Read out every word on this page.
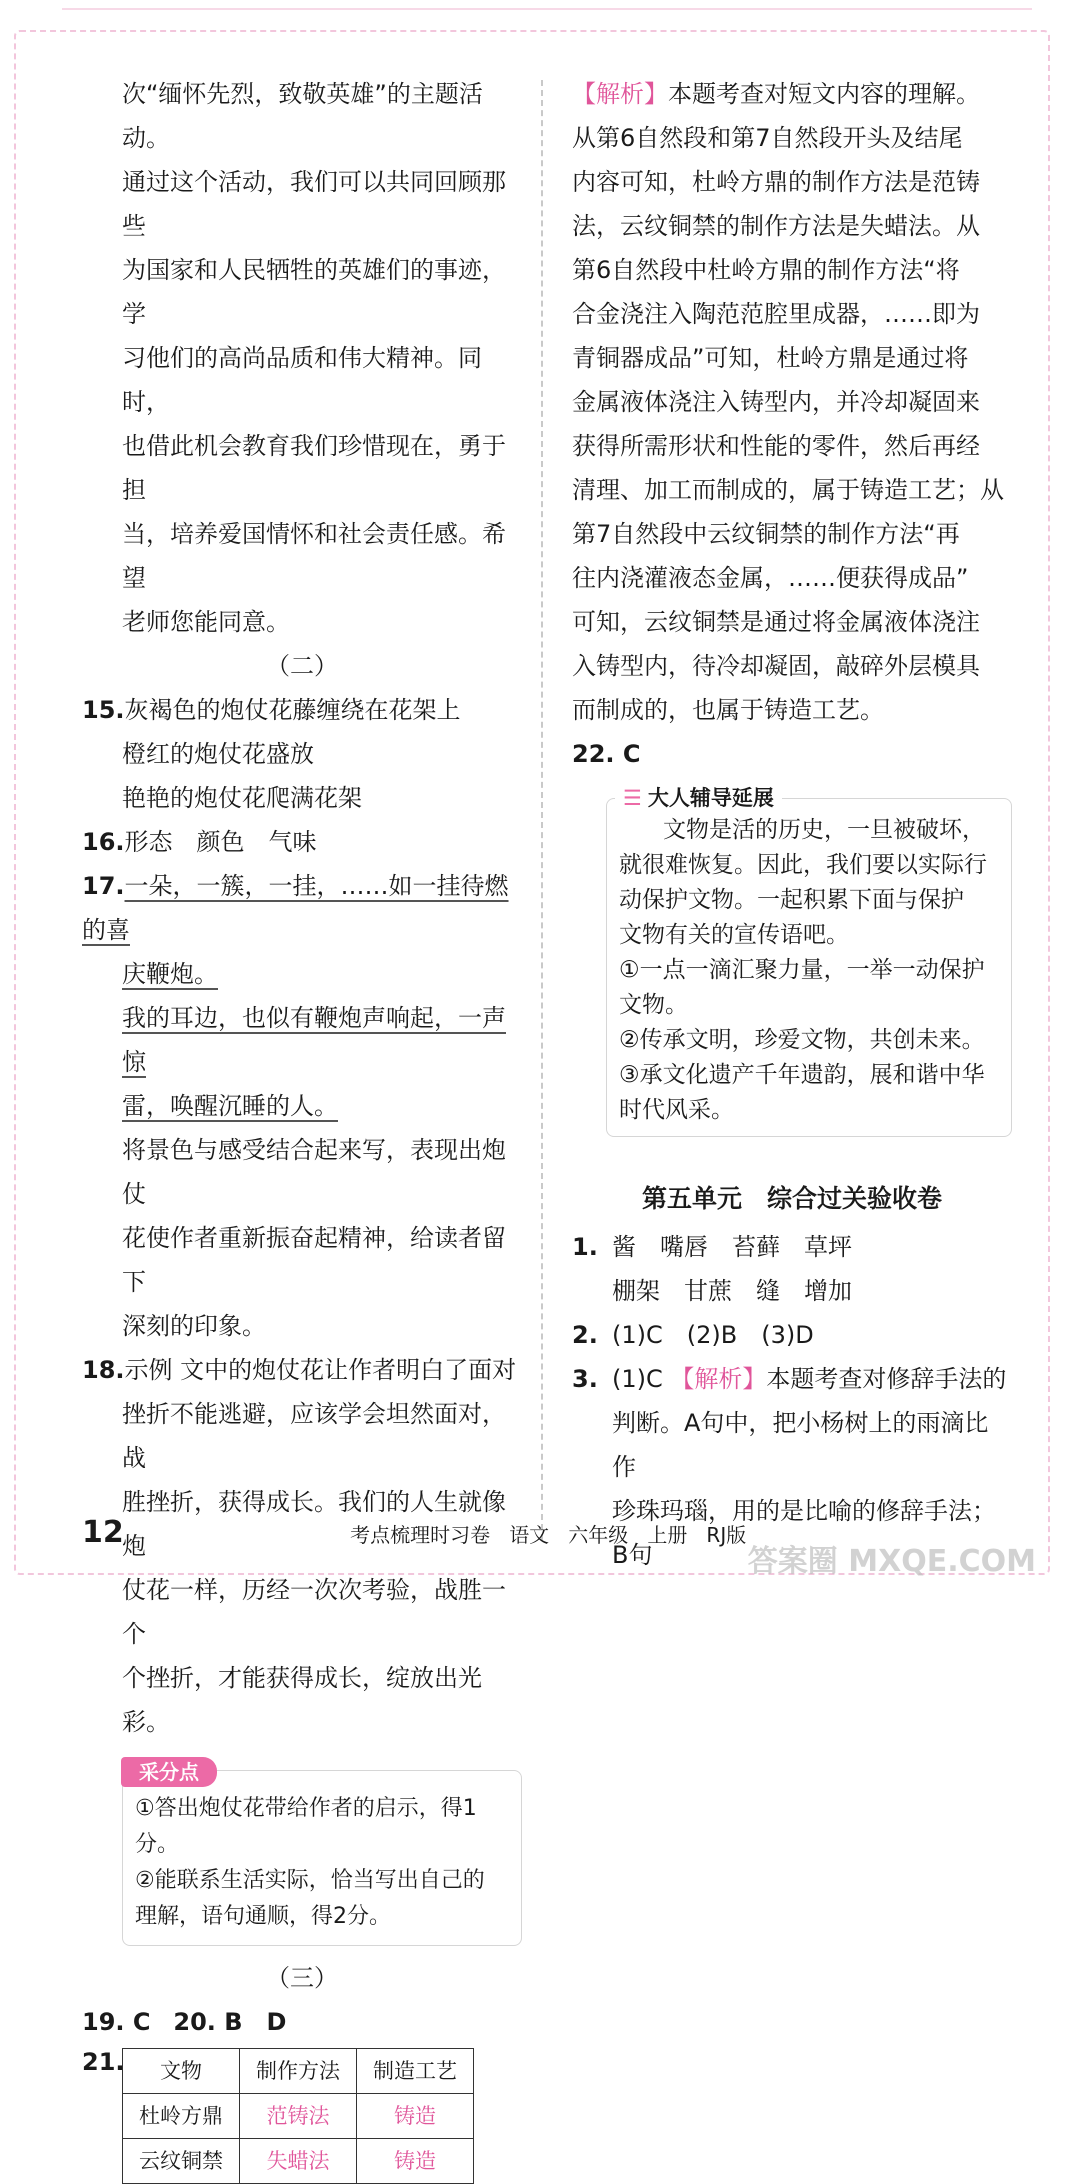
次“缅怀先烈，致敬英雄”的主题活动。

通过这个活动，我们可以共同回顾那些

为国家和人民牺牲的英雄们的事迹，学

习他们的高尚品质和伟大精神。同时，

也借此机会教育我们珍惜现在，勇于担

当，培养爱国情怀和社会责任感。希望

老师您能同意。

（二）

15.灰褐色的炮仗花藤缠绕在花架上

橙红的炮仗花盛放

艳艳的炮仗花爬满花架

16.形态　颜色　气味

17.一朵，一簇，一挂，……如一挂待燃的喜

庆鞭炮。

我的耳边，也似有鞭炮声响起，一声惊

雷，唤醒沉睡的人。

将景色与感受结合起来写，表现出炮仗

花使作者重新振奋起精神，给读者留下

深刻的印象。

18.示例 文中的炮仗花让作者明白了面对

挫折不能逃避，应该学会坦然面对，战

胜挫折，获得成长。我们的人生就像炮

仗花一样，历经一次次考验，战胜一个

个挫折，才能获得成长，绽放出光彩。

采分点

①答出炮仗花带给作者的启示，得1分。

②能联系生活实际，恰当写出自己的

理解，语句通顺，得2分。

（三）

19. C 20. B　D

21. 文物	制作方法	制造工艺
杜岭方鼎	范铸法	铸造
云纹铜禁	失蜡法	铸造

【解析】本题考查对短文内容的理解。

从第6自然段和第7自然段开头及结尾

内容可知，杜岭方鼎的制作方法是范铸

法，云纹铜禁的制作方法是失蜡法。从

第6自然段中杜岭方鼎的制作方法“将

合金浇注入陶范范腔里成器，……即为

青铜器成品”可知，杜岭方鼎是通过将

金属液体浇注入铸型内，并冷却凝固来

获得所需形状和性能的零件，然后再经

清理、加工而制成的，属于铸造工艺；从

第7自然段中云纹铜禁的制作方法“再

往内浇灌液态金属，……便获得成品”

可知，云纹铜禁是通过将金属液体浇注

入铸型内，待冷却凝固，敲碎外层模具

而制成的，也属于铸造工艺。

22. C

☰ 大人辅导延展

文物是活的历史，一旦被破坏，

就很难恢复。因此，我们要以实际行

动保护文物。一起积累下面与保护

文物有关的宣传语吧。

①一点一滴汇聚力量，一举一动保护

文物。

②传承文明，珍爱文物，共创未来。

③承文化遗产千年遗韵，展和谐中华

时代风采。

第五单元　综合过关验收卷

1. 酱　嘴唇　苔藓　草坪

棚架　甘蔗　缝　增加

2. (1)C　(2)B　(3)D

3. (1)C 【解析】本题考查对修辞手法的

判断。A句中，把小杨树上的雨滴比作

珍珠玛瑙，用的是比喻的修辞手法；B句

12	考点梳理时习卷 语文 六年级 上册 RJ版
答案圈 MXQE.COM
